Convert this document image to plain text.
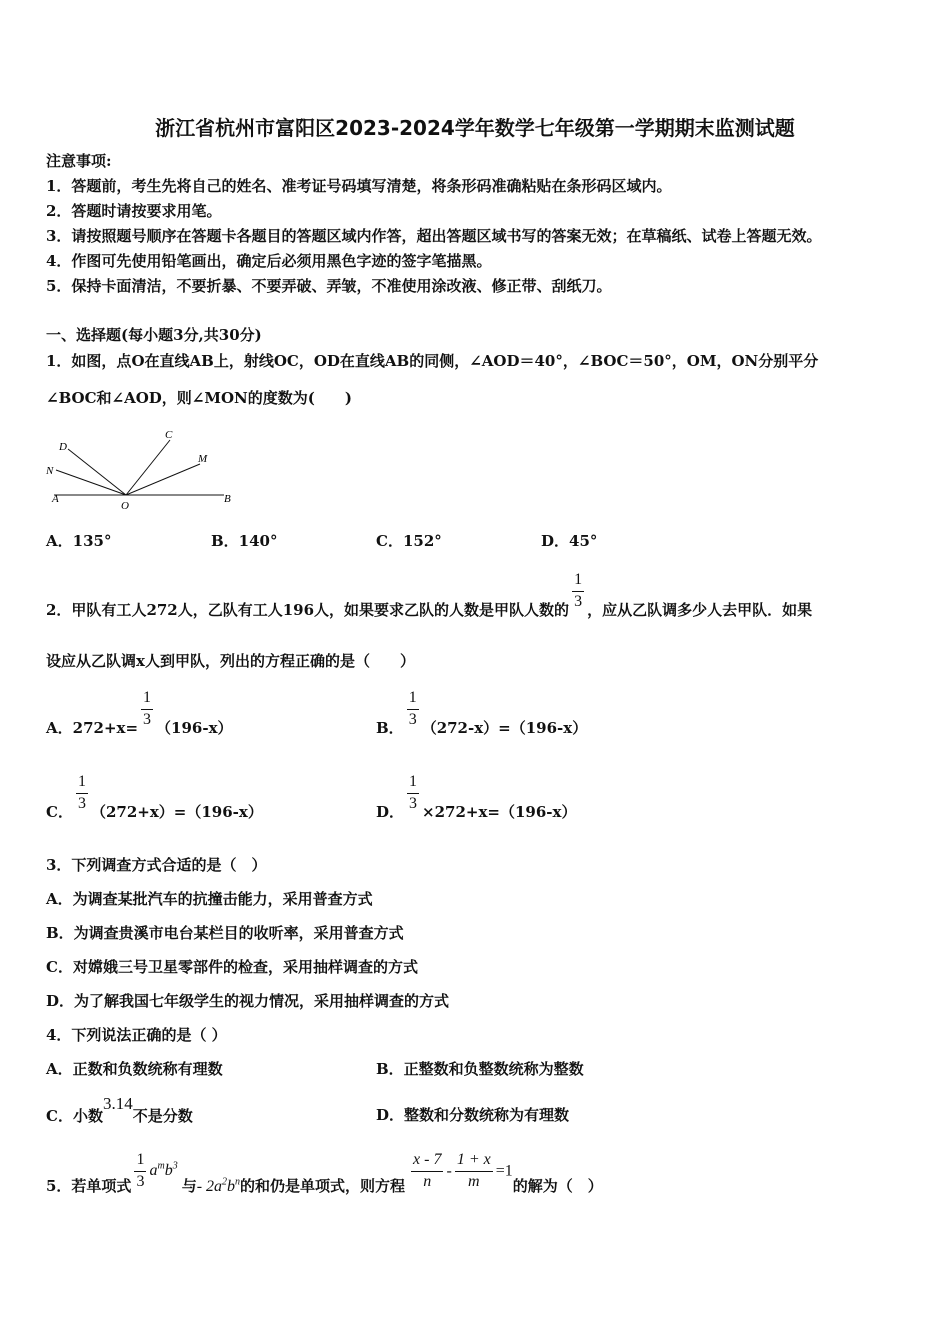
浙江省杭州市富阳区2023-2024学年数学七年级第一学期期末监测试题
注意事项:
1．答题前，考生先将自己的姓名、准考证号码填写清楚，将条形码准确粘贴在条形码区域内。
2．答题时请按要求用笔。
3．请按照题号顺序在答题卡各题目的答题区域内作答，超出答题区域书写的答案无效；在草稿纸、试卷上答题无效。
4．作图可先使用铅笔画出，确定后必须用黑色字迹的签字笔描黑。
5．保持卡面清洁，不要折暴、不要弄破、弄皱，不准使用涂改液、修正带、刮纸刀。
一、选择题(每小题3分,共30分)
1．如图，点O在直线AB上，射线OC，OD在直线AB的同侧，∠AOD＝40°，∠BOC＝50°，OM，ON分别平分
∠BOC和∠AOD，则∠MON的度数为(　　)
D
C
N
M
A
O
B
A．135°	B．140°	C．152°	D．45°
2．甲队有工人272人，乙队有工人196人，如果要求乙队的人数是甲队人数的 $\frac{1}{3}$ ，应从乙队调多少人去甲队．如果
设应从乙队调x人到甲队，列出的方程正确的是（　　）
A．$272+x= \frac{1}{3} (196-x)$	B． $\frac{1}{3} (272-x)=(196-x)$
C． $\frac{1}{3} (272+x)=(196-x)$	D． $\frac{1}{3} \times 272+x=(196-x)$
3．下列调查方式合适的是（　）
A．为调查某批汽车的抗撞击能力，采用普查方式
B．为调查贵溪市电台某栏目的收听率，采用普查方式
C．对嫦娥三号卫星零部件的检查，采用抽样调查的方式
D．为了解我国七年级学生的视力情况，采用抽样调查的方式
4．下列说法正确的是（ ）
A．正数和负数统称有理数	B．正整数和负整数统称为整数
C．小数3.14不是分数	D．整数和分数统称为有理数
5．若单项式 $\frac{1}{3} a^mb^3$与- $2a^2b^n$的和仍是单项式，则方程 $\frac{x - 7}{n} - \frac{1 + x}{m} =1$的解为（　）
